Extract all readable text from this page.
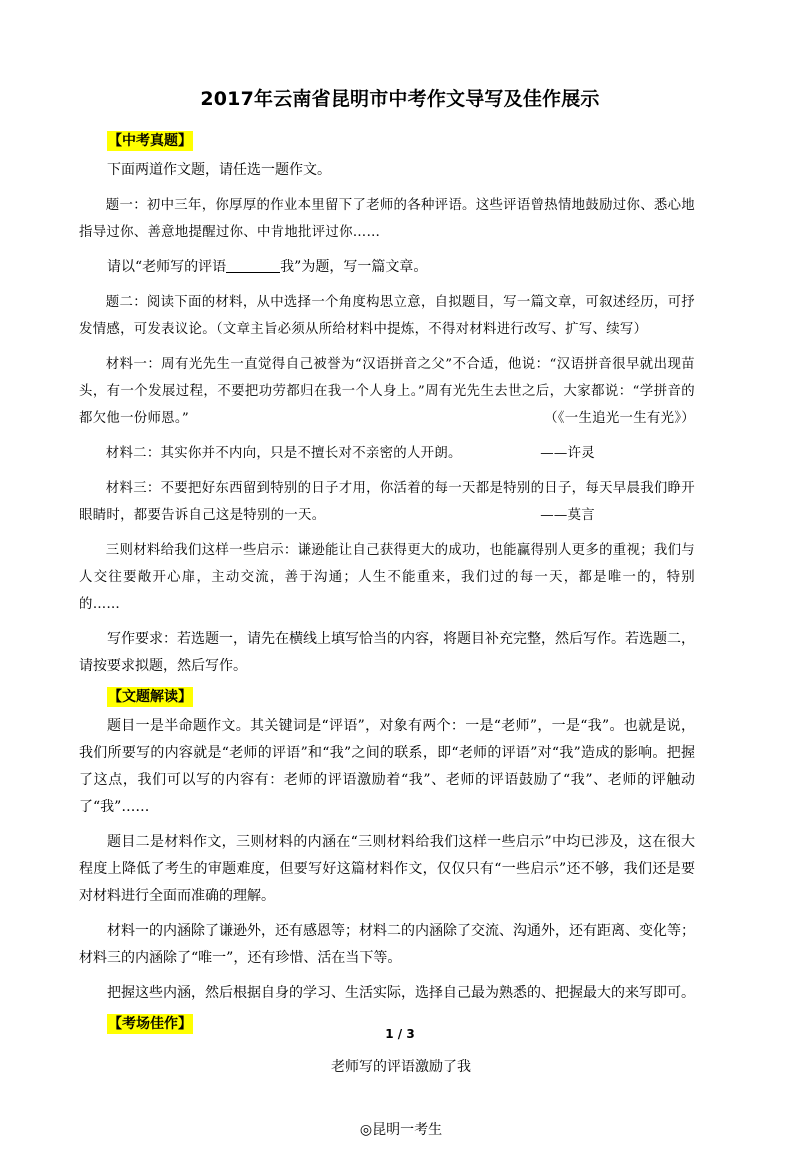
2017年云南省昆明市中考作文导写及佳作展示
【中考真题】

下面两道作文题，请任选一题作文。

题一：初中三年，你厚厚的作业本里留下了老师的各种评语。这些评语曾热情地鼓励过你、悉心地指导过你、善意地提醒过你、中肯地批评过你……

请以“老师写的评语	我”为题，写一篇文章。

题二：阅读下面的材料，从中选择一个角度构思立意，自拟题目，写一篇文章，可叙述经历，可抒发情感，可发表议论。（文章主旨必须从所给材料中提炼，不得对材料进行改写、扩写、续写）

材料一：周有光先生一直觉得自己被誉为“汉语拼音之父”不合适，他说：“汉语拼音很早就出现苗头，有一个发展过程，不要把功劳都归在我一个人身上。”周有光先生去世之后，大家都说：“学拼音的都欠他一份师恩。”	（《一生追光一生有光》）

材料二：其实你并不内向，只是不擅长对不亲密的人开朗。	——许灵

材料三：不要把好东西留到特别的日子才用，你活着的每一天都是特别的日子，每天早晨我们睁开眼睛时，都要告诉自己这是特别的一天。	——莫言

三则材料给我们这样一些启示：谦逊能让自己获得更大的成功，也能赢得别人更多的重视；我们与人交往要敞开心扉，主动交流，善于沟通；人生不能重来，我们过的每一天，都是唯一的，特别的……

写作要求：若选题一，请先在横线上填写恰当的内容，将题目补充完整，然后写作。若选题二，请按要求拟题，然后写作。

【文题解读】

题目一是半命题作文。其关键词是“评语”，对象有两个：一是“老师”，一是“我”。也就是说，我们所要写的内容就是“老师的评语”和“我”之间的联系，即“老师的评语”对“我”造成的影响。把握了这点，我们可以写的内容有：老师的评语激励着“我”、老师的评语鼓励了“我”、老师的评触动了“我”……

题目二是材料作文，三则材料的内涵在“三则材料给我们这样一些启示”中均已涉及，这在很大程度上降低了考生的审题难度，但要写好这篇材料作文，仅仅只有“一些启示”还不够，我们还是要对材料进行全面而准确的理解。

材料一的内涵除了谦逊外，还有感恩等；材料二的内涵除了交流、沟通外，还有距离、变化等；材料三的内涵除了“唯一”，还有珍惜、活在当下等。

把握这些内涵，然后根据自身的学习、生活实际，选择自己最为熟悉的、把握最大的来写即可。

【考场佳作】

老师写的评语激励了我

◎昆明一考生

1 / 3
